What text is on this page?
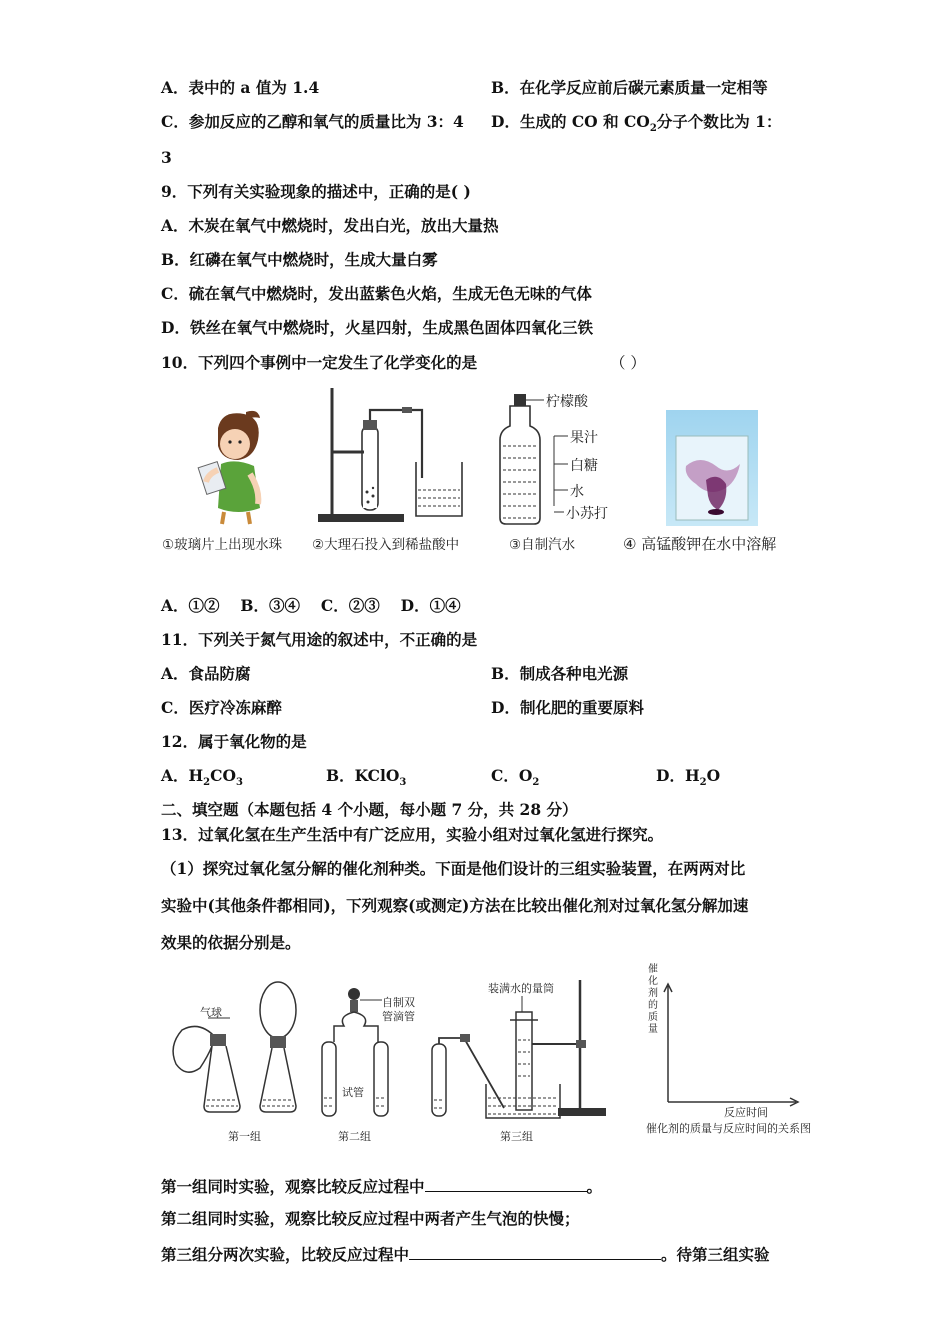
A．表中的 a 值为 1.4	B．在化学反应前后碳元素质量一定相等
C．参加反应的乙醇和氧气的质量比为 3：4 D．生成的 CO 和 $CO_2$分子个数比为 1：
3
9．下列有关实验现象的描述中，正确的是( )
A．木炭在氧气中燃烧时，发出白光，放出大量热
B．红磷在氧气中燃烧时，生成大量白雾
C．硫在氧气中燃烧时，发出蓝紫色火焰，生成无色无味的气体
D．铁丝在氧气中燃烧时，火星四射，生成黑色固体四氧化三铁
10．下列四个事例中一定发生了化学变化的是	（ ）
柠檬酸
果汁
白糖
水
小苏打
①玻璃片上出现水珠 ②大理石投入到稀盐酸中	③自制汽水	④ 高锰酸钾在水中溶解
A．①②　 B．③④　 C．②③　 D．①④
11．下列关于氮气用途的叙述中，不正确的是
A．食品防腐	B．制成各种电光源
C．医疗冷冻麻醉	D．制化肥的重要原料
12．属于氧化物的是
A．$H_2CO_3$	B．KClO$_3$	C．$O_2$	D．$H_2O$
二、填空题（本题包括 4 个小题，每小题 7 分，共 28 分）
13．过氧化氢在生产生活中有广泛应用，实验小组对过氧化氢进行探究。
（1）探究过氧化氢分解的催化剂种类。下面是他们设计的三组实验装置，在两两对比
实验中(其他条件都相同)，下列观察(或测定)方法在比较出催化剂对过氧化氢分解加速
效果的依据分别是。
气球
第一组
自制双
管滴管
试管
第二组
装满水的量筒
第三组
催
化
剂
的
质
量
反应时间
催化剂的质量与反应时间的关系图
第一组同时实验，观察比较反应过程中	。
第二组同时实验，观察比较反应过程中两者产生气泡的快慢；
第三组分两次实验，比较反应过程中	。待第三组实验
